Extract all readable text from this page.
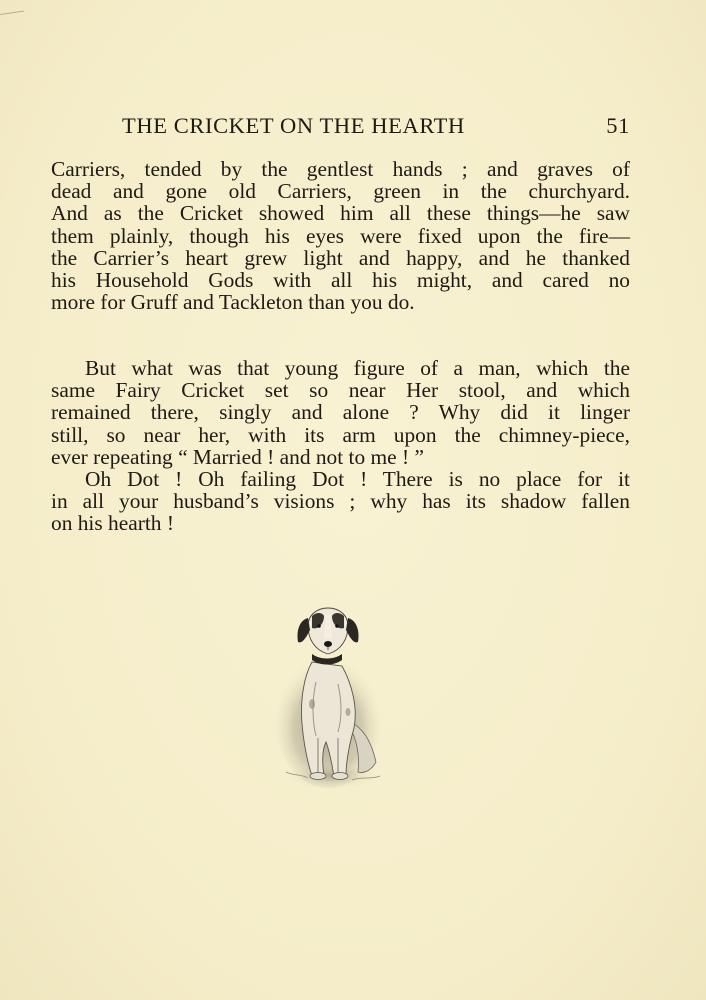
THE CRICKET ON THE HEARTH	51
Carriers, tended by the gentlest hands ; and graves of
dead and gone old Carriers, green in the churchyard.
And as the Cricket showed him all these things—he saw
them plainly, though his eyes were fixed upon the fire—
the Carrier’s heart grew light and happy, and he thanked
his Household Gods with all his might, and cared no
more for Gruff and Tackleton than you do.
But what was that young figure of a man, which the
same Fairy Cricket set so near Her stool, and which
remained there, singly and alone ? Why did it linger
still, so near her, with its arm upon the chimney-piece,
ever repeating “ Married ! and not to me ! ”
Oh Dot ! Oh failing Dot ! There is no place for it
in all your husband’s visions ; why has its shadow fallen
on his hearth !
